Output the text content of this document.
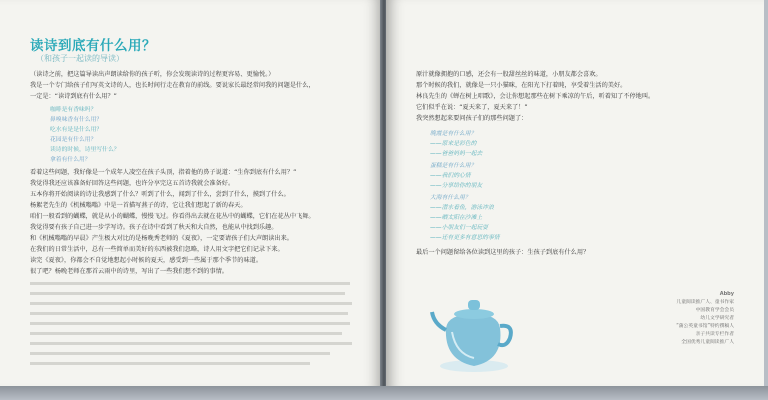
读诗到底有什么用？
（和孩子一起读的导读）

（读诗之前，把这篇导读出声朗读给你的孩子听，你会发现读诗的过程更容易、更愉悦。）

我是一个专门给孩子们写英文诗的人，也长时间行走在教育的前线。要说家长最经常问我的问题是什么，

一定是：“读诗到底有什么用？”

咖啡是有香味吗？
鼻嗅味香有什么用？
吃水有是是什么用？
花园是有什么用？
读诗的时候，诗里写什么？
拿着有什么用？

看着这些问题，我好像是一个成年人凌空在孩子头顶，指着他的鼻子说道：“生你到底有什么用？”

我觉得我还应该准备好回答这些问题，也许分享完这五首诗我就会准备好。

五本你将开始阅读的诗让我感到了什么？听到了什么，闻到了什么，尝到了什么，摸到了什么。

杨絮老先生的《机械嗡嗡》中是一首描写燕子的诗，它让我们想起了新的春天。

咱们一般看到的蝴蝶，就是从小的蝴蝶，慢慢飞过。你看得出去就在花丛中的蝴蝶，它们在花丛中飞舞。

我觉得要有孩子自己进一步学写诗。孩子在诗中看到了秋天和大自然，也能从中找到乐趣。

和《机械嗡嗡的早晨》产生极大对比的是杨晚秀老师的《夏夜》，一定要请孩子们大声朗读出来。

在我们的日常生活中，总有一些简单而美好的东西被我们忽略，诗人用文字把它们记录下来。

读完《夏夜》，你都会不自觉地想起小时候的夏天，感受到一些属于那个季节的味道。

很了吧？杨晚老师在那首云雨中的诗里，写出了一些我们想不到的事情。

原汁就像拥抱的口感，还会有一股甜丝丝的味道，小朋友都会喜欢。

那个时候的我们，就像是一只小猫咪，在阳光下打着盹，享受着生活的美好。

林良先生的《蝉在树上唱歌》，会让你想起那些在树下乘凉的午后，听着知了不停地叫。

它们似乎在说：“夏天来了，夏天来了！”

我突然想起来要问孩子们的那些问题了：

晚霞是有什么用？
——原来是彩色的
——爸爸妈妈一起去
蛋糕是有什么用？
——我们的心情
——分享给你的朋友
大海有什么用？
——潜水看鱼，游泳冲浪
——晒太阳在沙滩上
——小朋友们一起玩耍
——还有更多有意思的事情

最后一个问题留给各位读到这里的孩子：生孩子到底有什么用？

Abby
儿童阅读推广人、童书作家
中国教育学会会员
幼儿文学研究者
“蒲公英童书馆”特约撰稿人
亲子共读专栏作者
全国优秀儿童阅读推广人
